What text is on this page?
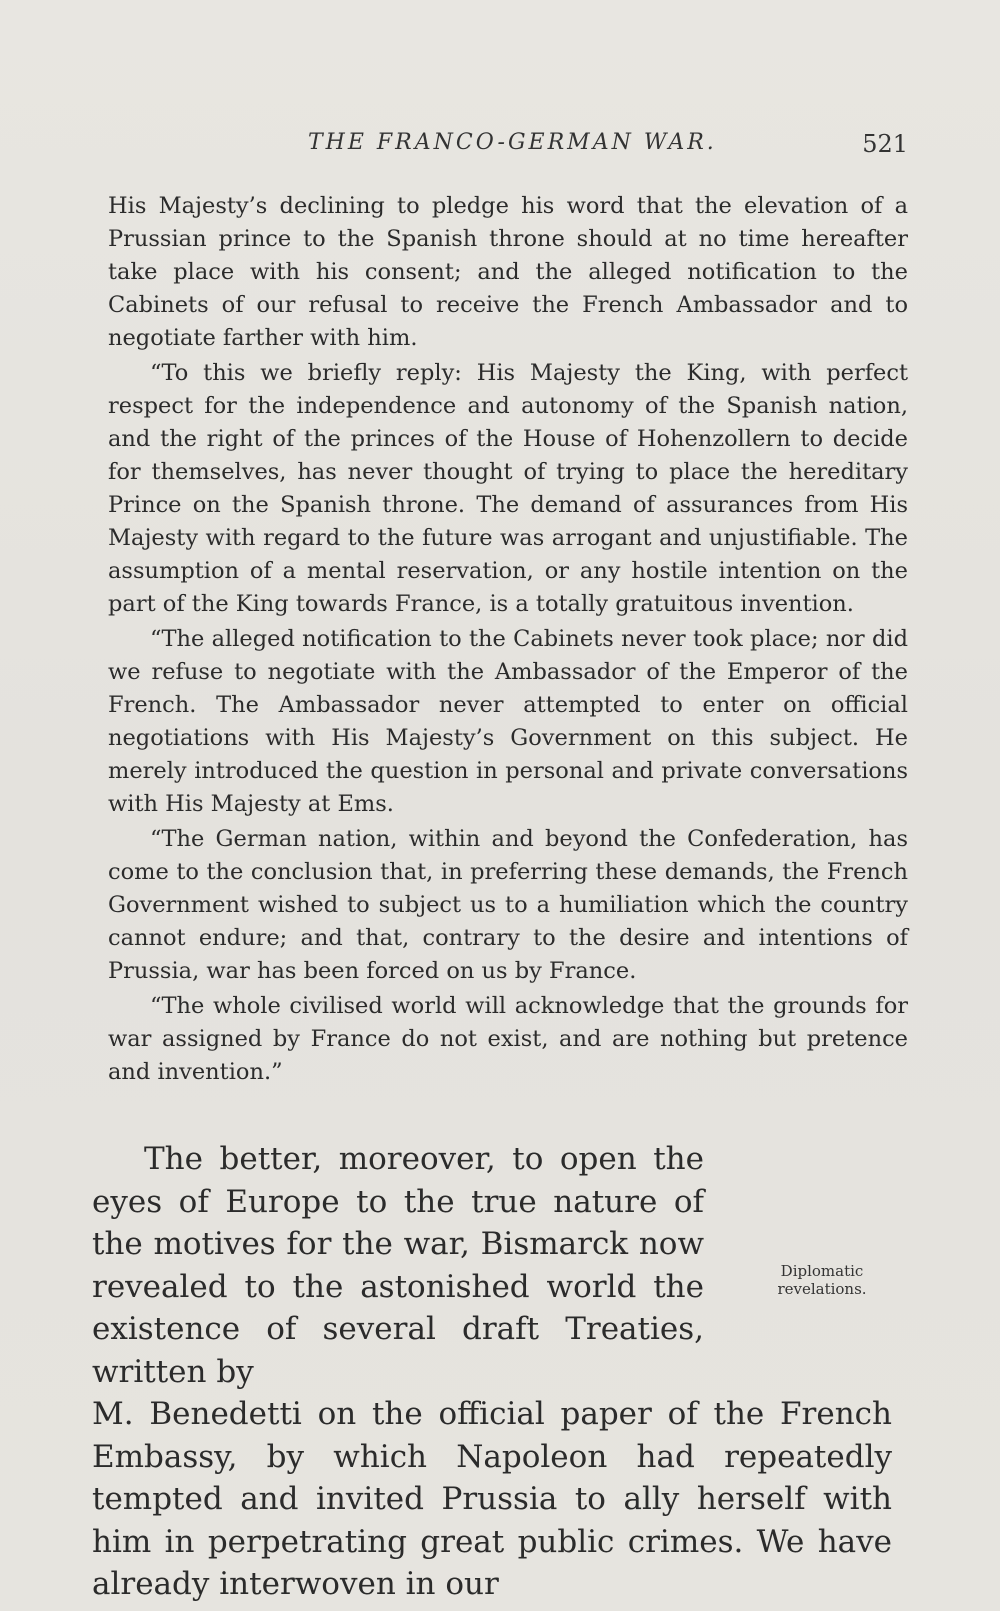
THE FRANCO-GERMAN WAR.	521

His Majesty’s declining to pledge his word that the elevation of a Prussian prince to the Spanish throne should at no time hereafter take place with his consent; and the alleged notification to the Cabinets of our refusal to receive the French Ambassador and to negotiate farther with him.

“To this we briefly reply: His Majesty the King, with perfect respect for the independence and autonomy of the Spanish nation, and the right of the princes of the House of Hohenzollern to decide for themselves, has never thought of trying to place the hereditary Prince on the Spanish throne. The demand of assurances from His Majesty with regard to the future was arrogant and unjustifiable. The assumption of a mental reservation, or any hostile intention on the part of the King towards France, is a totally gratuitous invention.

“The alleged notification to the Cabinets never took place; nor did we refuse to negotiate with the Ambassador of the Emperor of the French. The Ambassador never attempted to enter on official negotiations with His Majesty’s Government on this subject. He merely introduced the question in personal and private conversations with His Majesty at Ems.

“The German nation, within and beyond the Confederation, has come to the conclusion that, in preferring these demands, the French Government wished to subject us to a humiliation which the country cannot endure; and that, contrary to the desire and intentions of Prussia, war has been forced on us by France.

“The whole civilised world will acknowledge that the grounds for war assigned by France do not exist, and are nothing but pretence and invention.”

The better, moreover, to open the eyes of Europe to the true nature of the motives for the war, Bismarck now revealed to the astonished world the existence of several draft Treaties, written by

M. Benedetti on the official paper of the French Embassy, by which Napoleon had repeatedly tempted and invited Prussia to ally herself with him in perpetrating great public crimes. We have already interwoven in our
Diplomatic
revelations.
